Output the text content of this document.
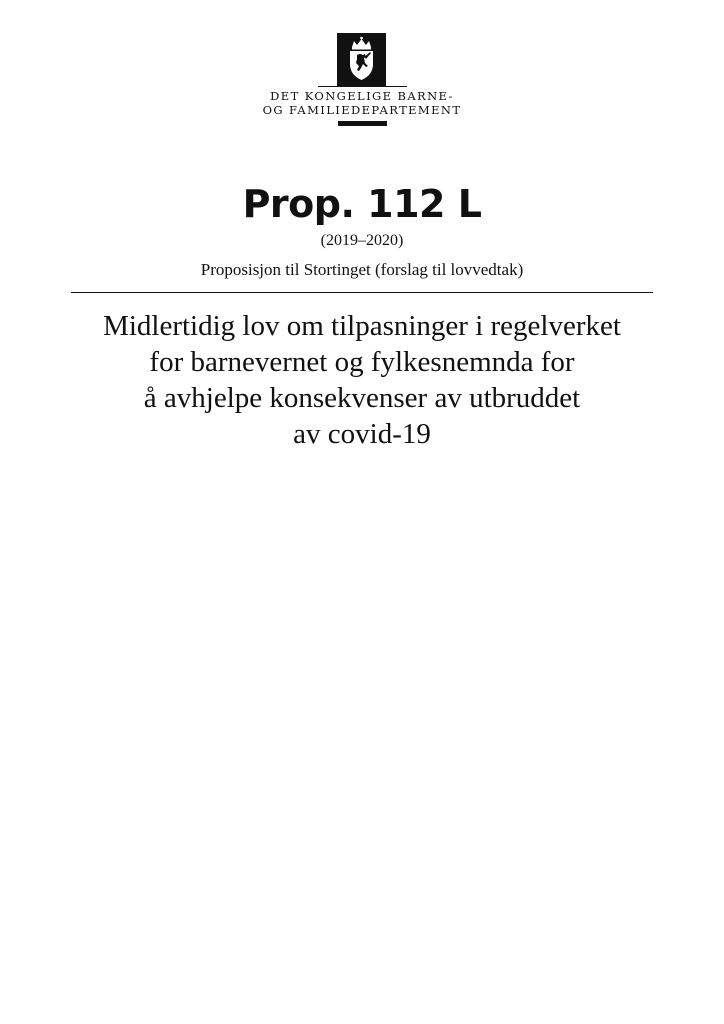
DET KONGELIGE BARNE-
OG FAMILIEDEPARTEMENT
Prop. 112 L
(2019–2020)
Proposisjon til Stortinget (forslag til lovvedtak)
Midlertidig lov om tilpasninger i regelverket
for barnevernet og fylkesnemnda for
å avhjelpe konsekvenser av utbruddet
av covid-19
